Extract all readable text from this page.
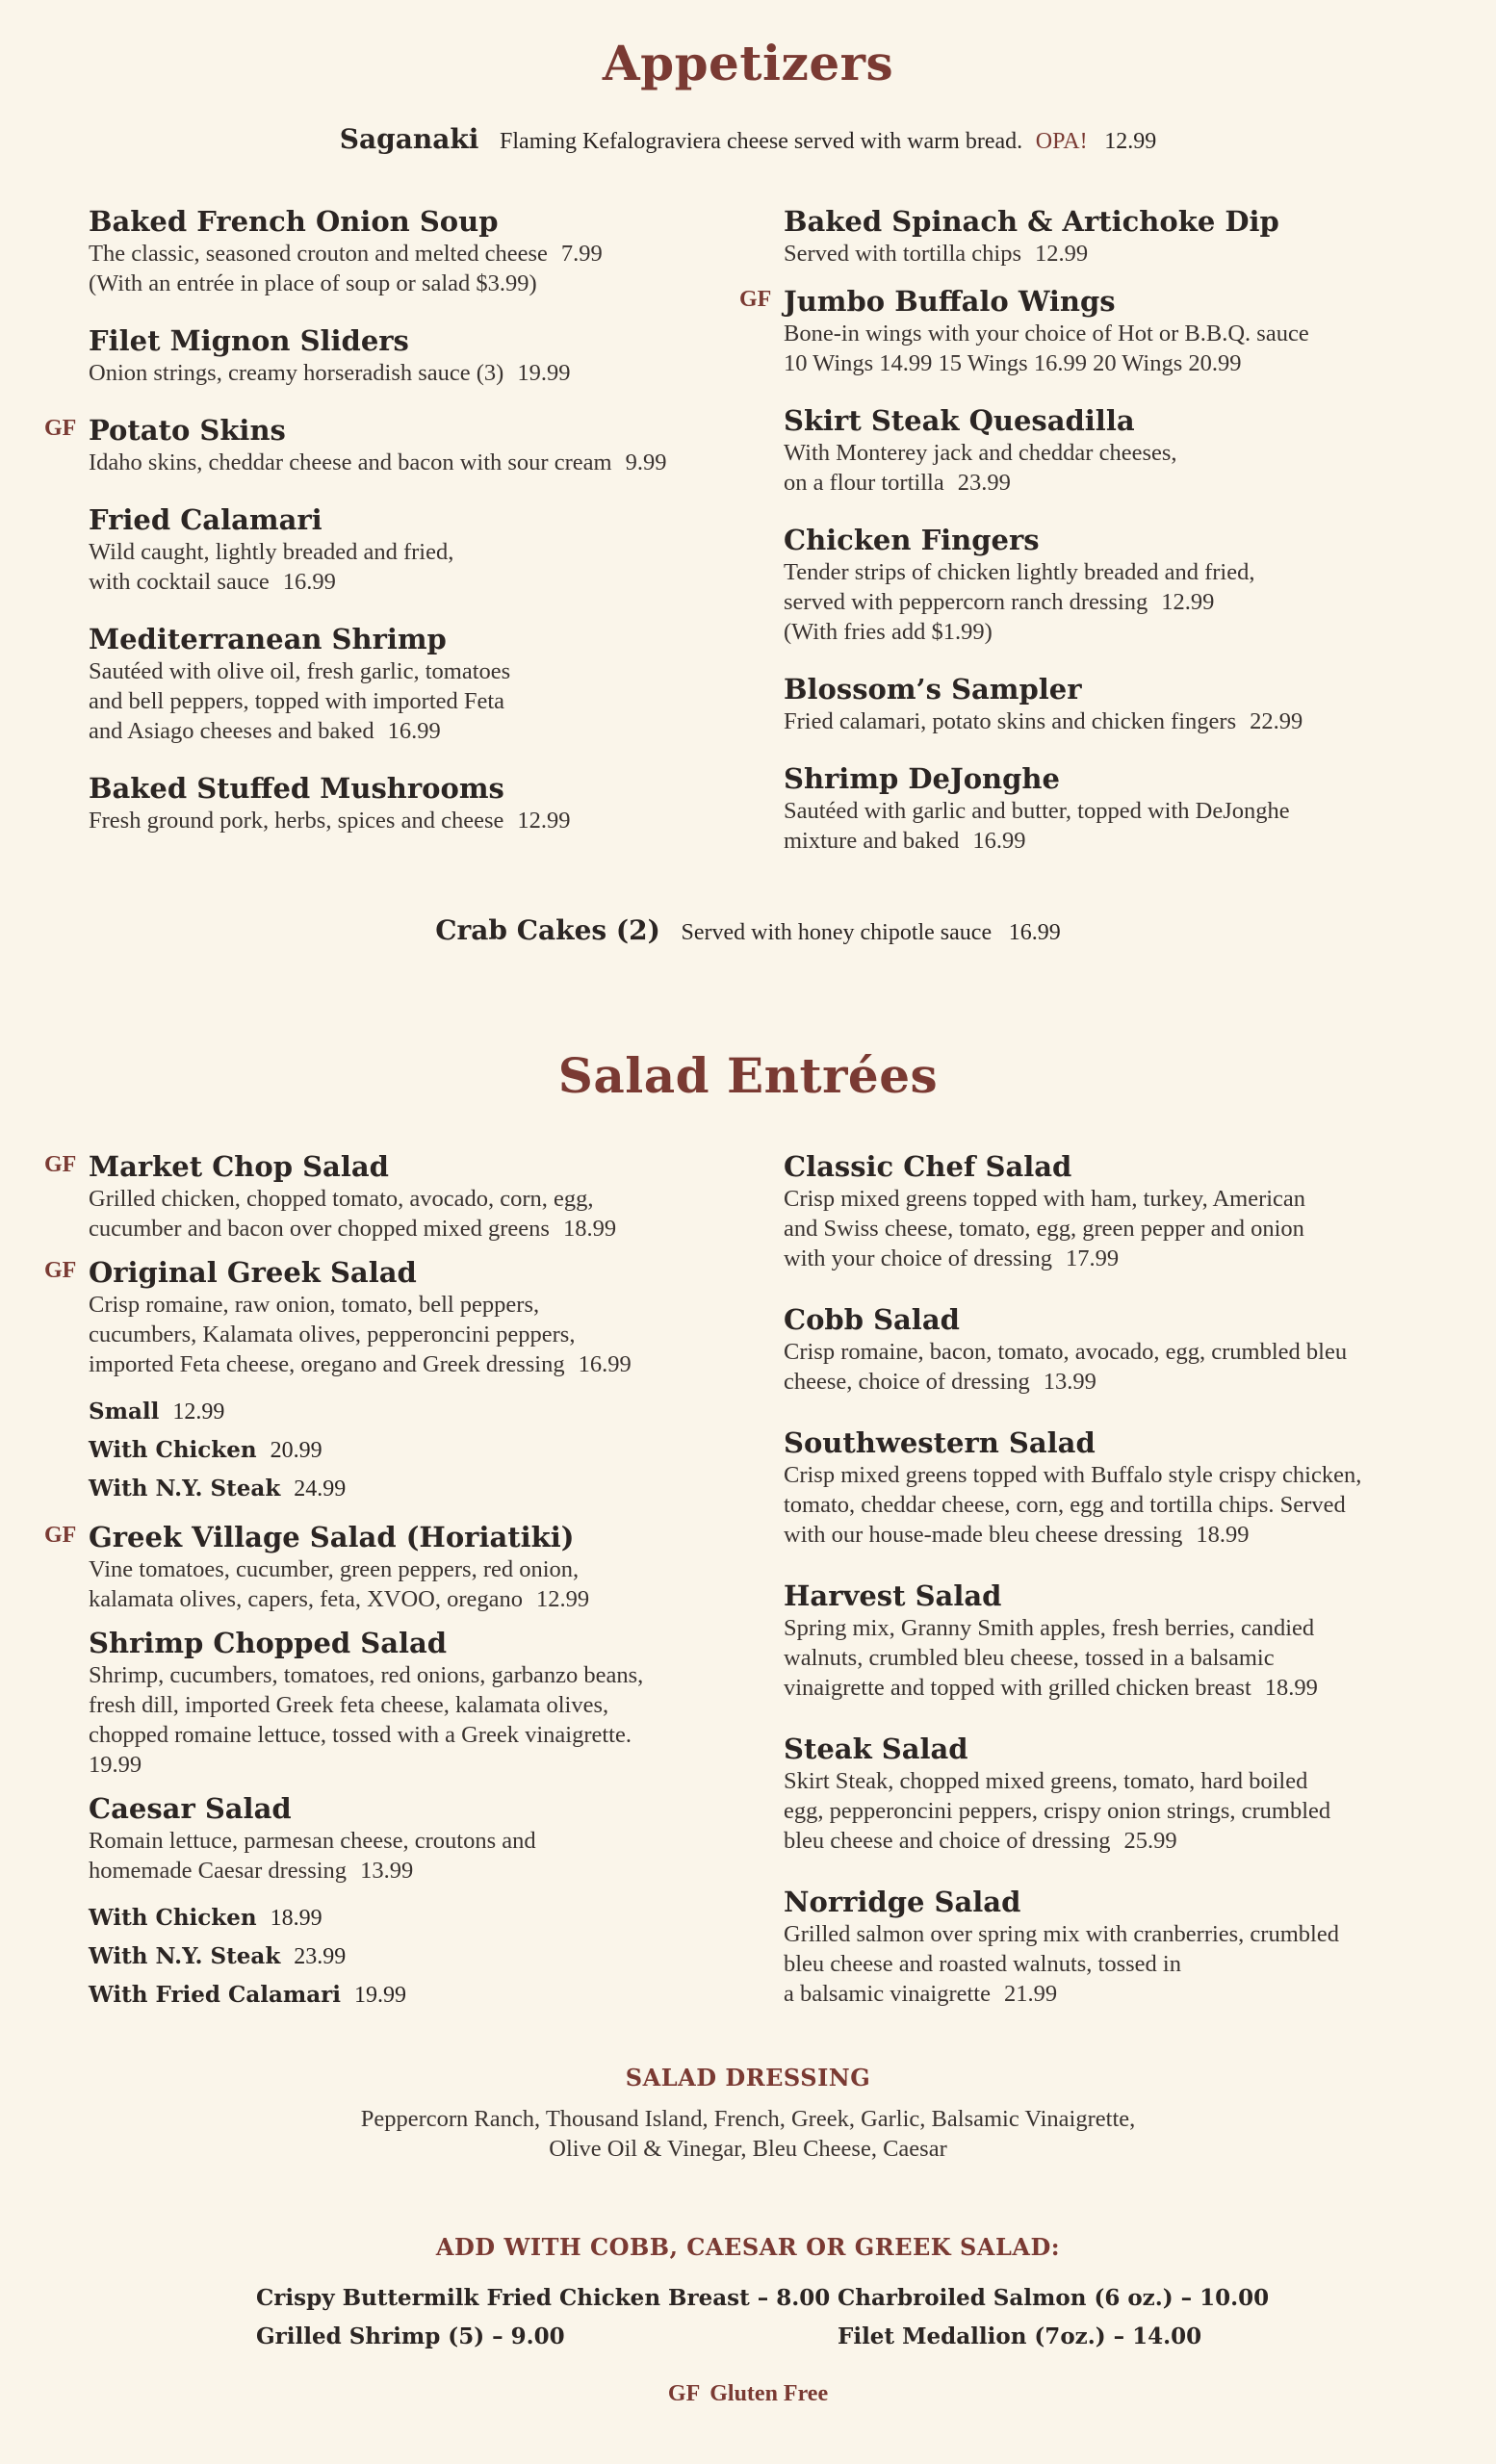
Appetizers
Saganaki Flaming Kefalograviera cheese served with warm bread. OPA! 12.99
Baked French Onion Soup
The classic, seasoned crouton and melted cheese 7.99
(With an entrée in place of soup or salad $3.99)
Filet Mignon Sliders
Onion strings, creamy horseradish sauce (3) 19.99
GF Potato Skins
Idaho skins, cheddar cheese and bacon with sour cream 9.99
Fried Calamari
Wild caught, lightly breaded and fried,
with cocktail sauce 16.99
Mediterranean Shrimp
Sautéed with olive oil, fresh garlic, tomatoes
and bell peppers, topped with imported Feta
and Asiago cheeses and baked 16.99
Baked Stuffed Mushrooms
Fresh ground pork, herbs, spices and cheese 12.99
Baked Spinach & Artichoke Dip
Served with tortilla chips 12.99
GF Jumbo Buffalo Wings
Bone-in wings with your choice of Hot or B.B.Q. sauce
10 Wings 14.99 15 Wings 16.99 20 Wings 20.99
Skirt Steak Quesadilla
With Monterey jack and cheddar cheeses,
on a flour tortilla 23.99
Chicken Fingers
Tender strips of chicken lightly breaded and fried,
served with peppercorn ranch dressing 12.99
(With fries add $1.99)
Blossom’s Sampler
Fried calamari, potato skins and chicken fingers 22.99
Shrimp DeJonghe
Sautéed with garlic and butter, topped with DeJonghe
mixture and baked 16.99
Crab Cakes (2) Served with honey chipotle sauce 16.99
Salad Entrées
GF Market Chop Salad
Grilled chicken, chopped tomato, avocado, corn, egg,
cucumber and bacon over chopped mixed greens 18.99
GF Original Greek Salad
Crisp romaine, raw onion, tomato, bell peppers,
cucumbers, Kalamata olives, pepperoncini peppers,
imported Feta cheese, oregano and Greek dressing 16.99
Small 12.99
With Chicken 20.99
With N.Y. Steak 24.99
GF Greek Village Salad (Horiatiki)
Vine tomatoes, cucumber, green peppers, red onion,
kalamata olives, capers, feta, XVOO, oregano 12.99
Shrimp Chopped Salad
Shrimp, cucumbers, tomatoes, red onions, garbanzo beans,
fresh dill, imported Greek feta cheese, kalamata olives,
chopped romaine lettuce, tossed with a Greek vinaigrette.
19.99
Caesar Salad
Romain lettuce, parmesan cheese, croutons and
homemade Caesar dressing 13.99
With Chicken 18.99
With N.Y. Steak 23.99
With Fried Calamari 19.99
Classic Chef Salad
Crisp mixed greens topped with ham, turkey, American
and Swiss cheese, tomato, egg, green pepper and onion
with your choice of dressing 17.99
Cobb Salad
Crisp romaine, bacon, tomato, avocado, egg, crumbled bleu
cheese, choice of dressing 13.99
Southwestern Salad
Crisp mixed greens topped with Buffalo style crispy chicken,
tomato, cheddar cheese, corn, egg and tortilla chips. Served
with our house-made bleu cheese dressing 18.99
Harvest Salad
Spring mix, Granny Smith apples, fresh berries, candied
walnuts, crumbled bleu cheese, tossed in a balsamic
vinaigrette and topped with grilled chicken breast 18.99
Steak Salad
Skirt Steak, chopped mixed greens, tomato, hard boiled
egg, pepperoncini peppers, crispy onion strings, crumbled
bleu cheese and choice of dressing 25.99
Norridge Salad
Grilled salmon over spring mix with cranberries, crumbled
bleu cheese and roasted walnuts, tossed in
a balsamic vinaigrette 21.99
SALAD DRESSING
Peppercorn Ranch, Thousand Island, French, Greek, Garlic, Balsamic Vinaigrette,
Olive Oil & Vinegar, Bleu Cheese, Caesar
ADD WITH COBB, CAESAR OR GREEK SALAD:
Crispy Buttermilk Fried Chicken Breast – 8.00
Grilled Shrimp (5) – 9.00
Charbroiled Salmon (6 oz.) – 10.00
Filet Medallion (7oz.) – 14.00
GF Gluten Free
